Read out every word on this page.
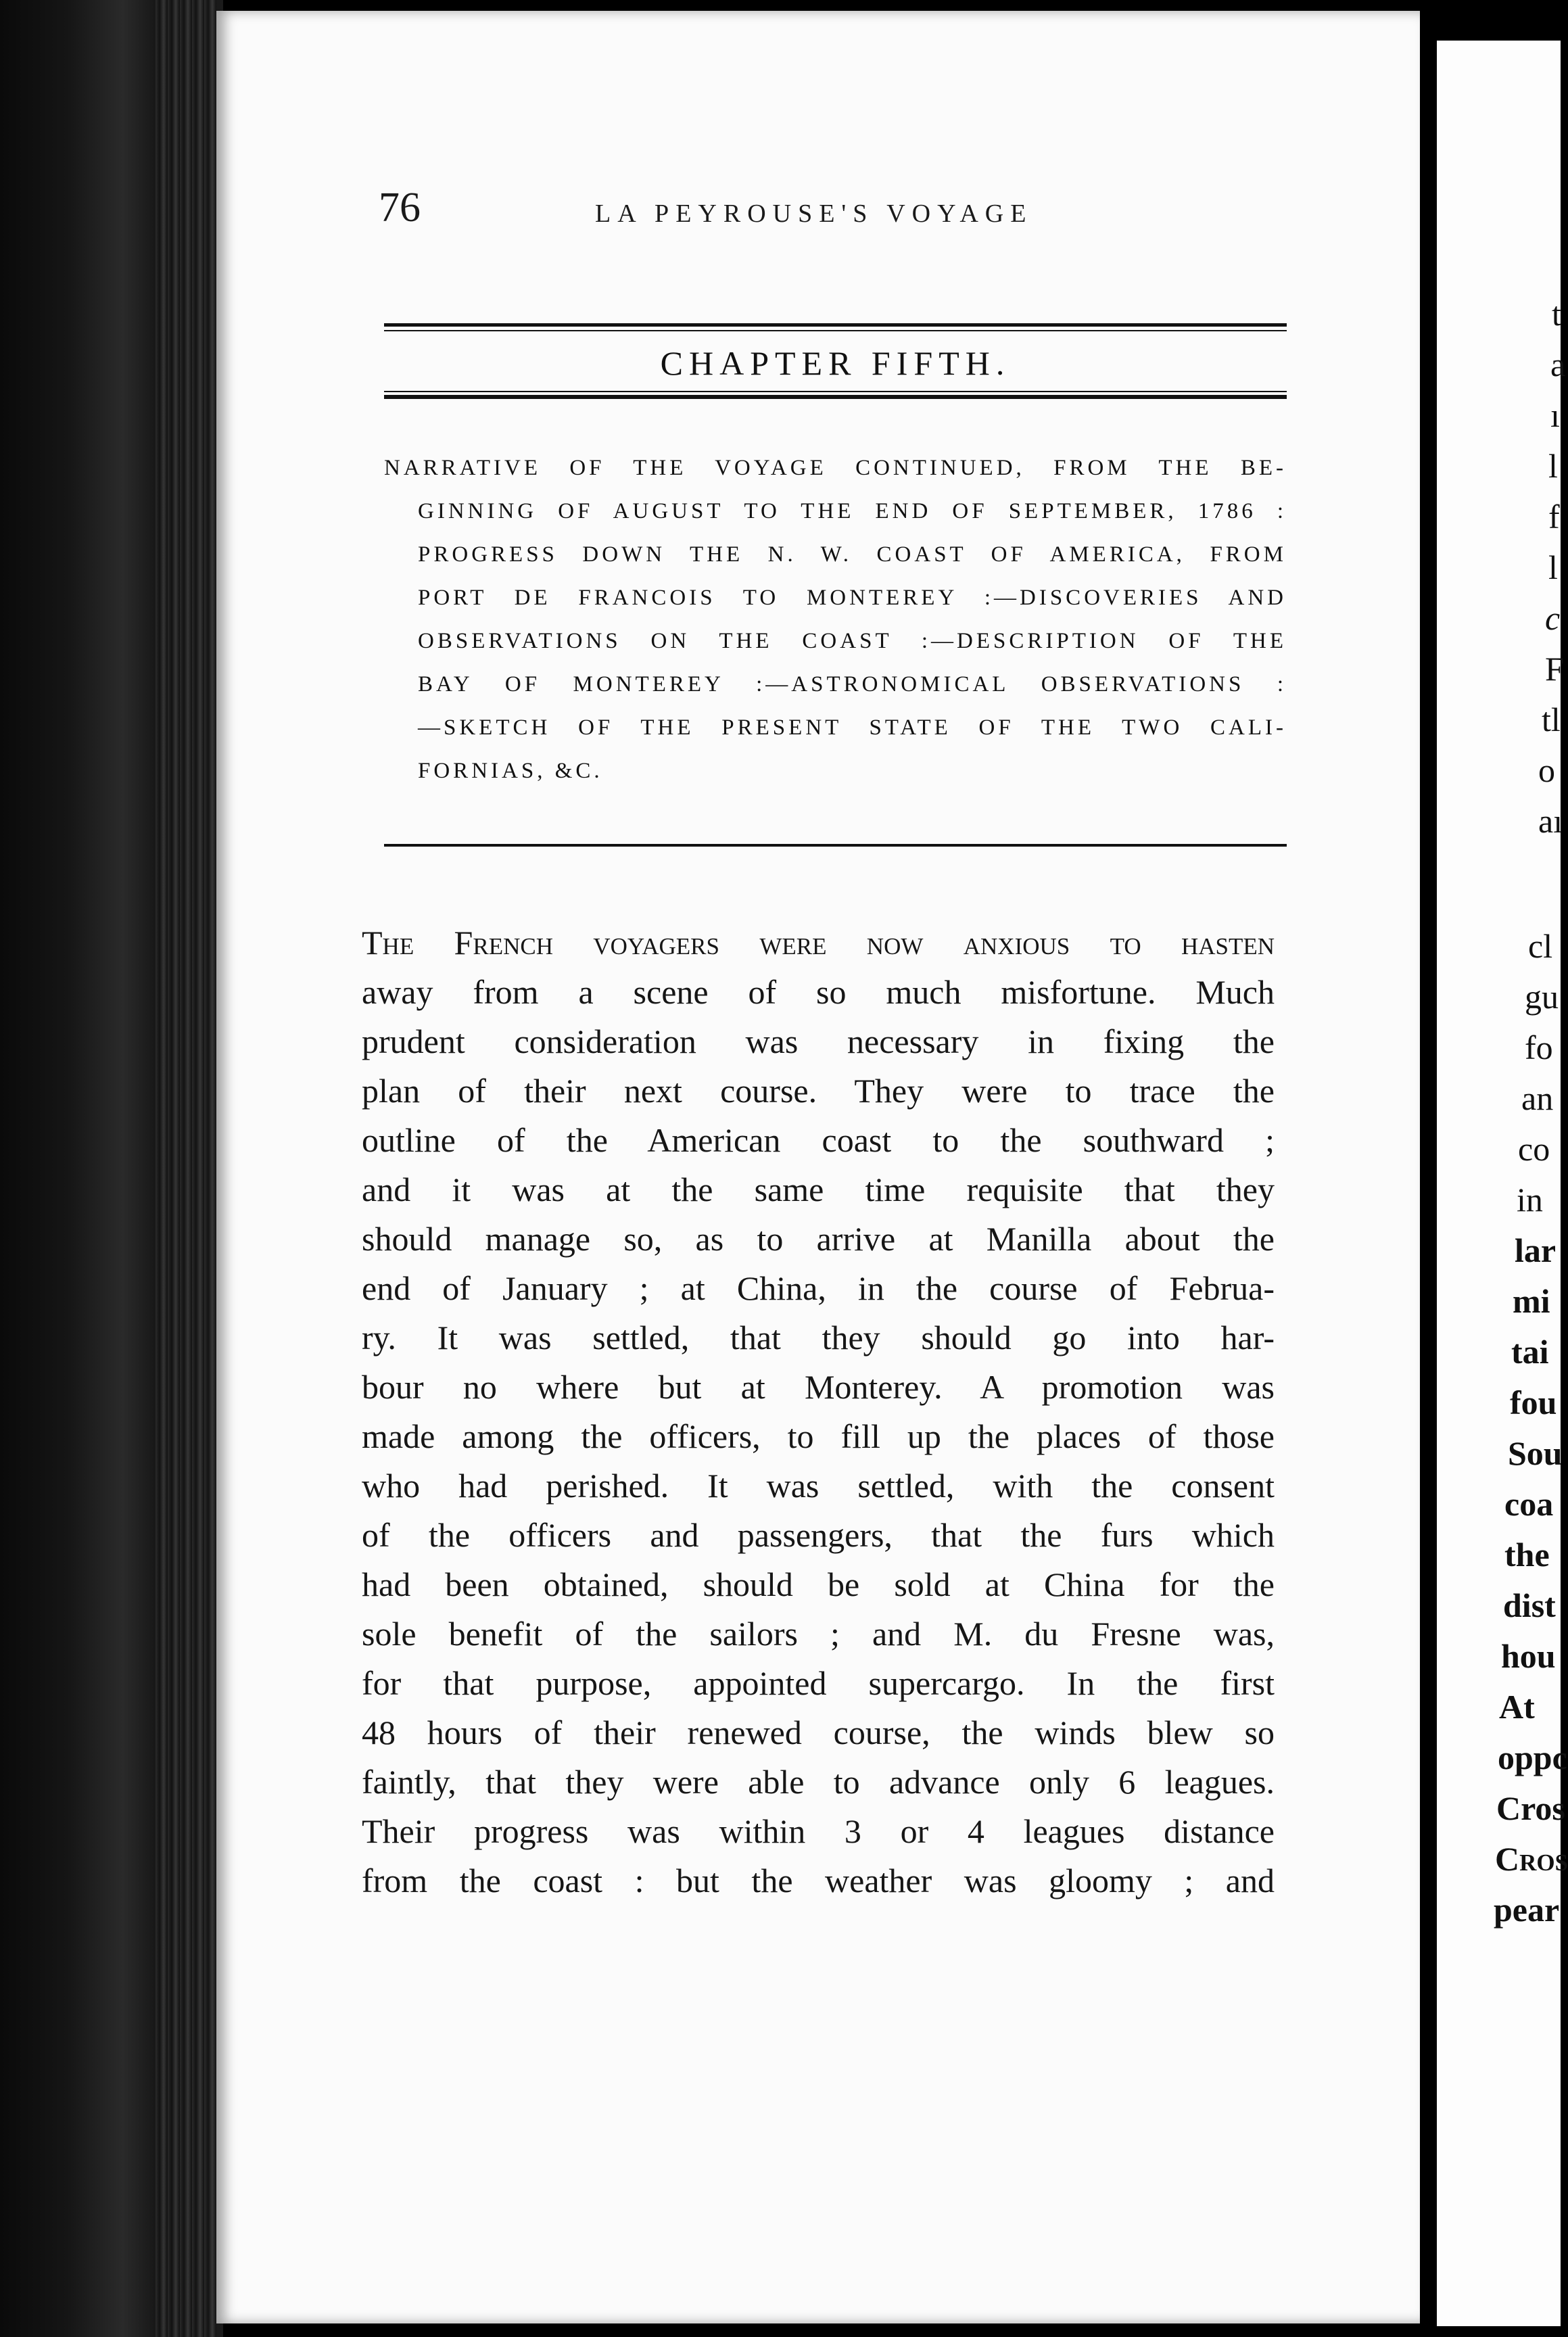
76	LA PEYROUSE'S VOYAGE
CHAPTER FIFTH.
NARRATIVE OF THE VOYAGE CONTINUED, FROM THE BE-
GINNING OF AUGUST TO THE END OF SEPTEMBER, 1786 :
PROGRESS DOWN THE N. W. COAST OF AMERICA, FROM
PORT DE FRANCOIS TO MONTEREY :—DISCOVERIES AND
OBSERVATIONS ON THE COAST :—DESCRIPTION OF THE
BAY OF MONTEREY :—ASTRONOMICAL OBSERVATIONS :
—SKETCH OF THE PRESENT STATE OF THE TWO CALI-
FORNIAS, &C.
The French voyagers were now anxious to hasten
away from a scene of so much misfortune. Much
prudent consideration was necessary in fixing the
plan of their next course. They were to trace the
outline of the American coast to the southward ;
and it was at the same time requisite that they
should manage so, as to arrive at Manilla about the
end of January ; at China, in the course of Februa-
ry. It was settled, that they should go into har-
bour no where but at Monterey. A promotion was
made among the officers, to fill up the places of those
who had perished. It was settled, with the consent
of the officers and passengers, that the furs which
had been obtained, should be sold at China for the
sole benefit of the sailors ; and M. du Fresne was,
for that purpose, appointed supercargo. In the first
48 hours of their renewed course, the winds blew so
faintly, that they were able to advance only 6 leagues.
Their progress was within 3 or 4 leagues distance
from the coast : but the weather was gloomy ; and
t
a
ı
l
f
l
c
F
tl
o
aı
cl
gu
fo
an
co
in
lar
mi
tai
fou
Sou
coa
the
dist
hou
At
oppc
Cros
Cros
pear
